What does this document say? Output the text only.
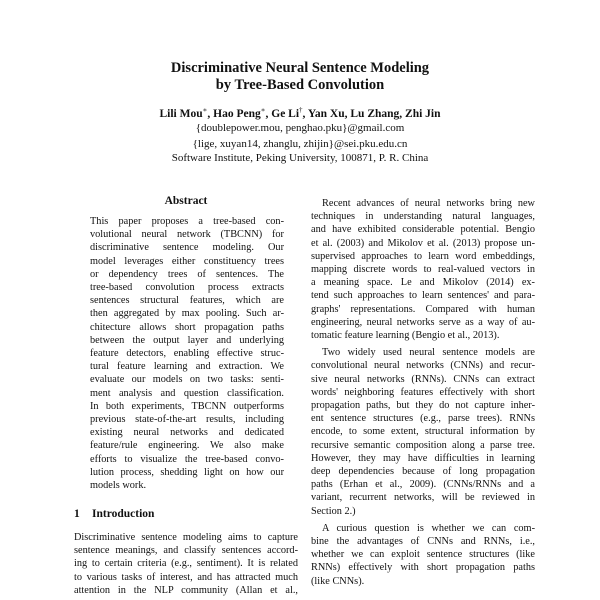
Discriminative Neural Sentence Modeling
by Tree-Based Convolution
Lili Mou∗, Hao Peng∗, Ge Li†, Yan Xu, Lu Zhang, Zhi Jin
{doublepower.mou, penghao.pku}@gmail.com
{lige, xuyan14, zhanglu, zhijin}@sei.pku.edu.cn
Software Institute, Peking University, 100871, P. R. China
Abstract
This paper proposes a tree-based con-
volutional neural network (TBCNN) for
discriminative sentence modeling. Our
model leverages either constituency trees
or dependency trees of sentences. The
tree-based convolution process extracts
sentences structural features, which are
then aggregated by max pooling. Such ar-
chitecture allows short propagation paths
between the output layer and underlying
feature detectors, enabling effective struc-
tural feature learning and extraction. We
evaluate our models on two tasks: senti-
ment analysis and question classification.
In both experiments, TBCNN outperforms
previous state-of-the-art results, including
existing neural networks and dedicated
feature/rule engineering. We also make
efforts to visualize the tree-based convo-
lution process, shedding light on how our
models work.
1 Introduction
Discriminative sentence modeling aims to capture
sentence meanings, and classify sentences accord-
ing to certain criteria (e.g., sentiment). It is related
to various tasks of interest, and has attracted much
attention in the NLP community (Allan et al.,
Recent advances of neural networks bring new
techniques in understanding natural languages,
and have exhibited considerable potential. Bengio
et al. (2003) and Mikolov et al. (2013) propose un-
supervised approaches to learn word embeddings,
mapping discrete words to real-valued vectors in
a meaning space. Le and Mikolov (2014) ex-
tend such approaches to learn sentences' and para-
graphs' representations. Compared with human
engineering, neural networks serve as a way of au-
tomatic feature learning (Bengio et al., 2013).
Two widely used neural sentence models are
convolutional neural networks (CNNs) and recur-
sive neural networks (RNNs). CNNs can extract
words' neighboring features effectively with short
propagation paths, but they do not capture inher-
ent sentence structures (e.g., parse trees). RNNs
encode, to some extent, structural information by
recursive semantic composition along a parse tree.
However, they may have difficulties in learning
deep dependencies because of long propagation
paths (Erhan et al., 2009). (CNNs/RNNs and a
variant, recurrent networks, will be reviewed in
Section 2.)
A curious question is whether we can com-
bine the advantages of CNNs and RNNs, i.e.,
whether we can exploit sentence structures (like
RNNs) effectively with short propagation paths
(like CNNs).
